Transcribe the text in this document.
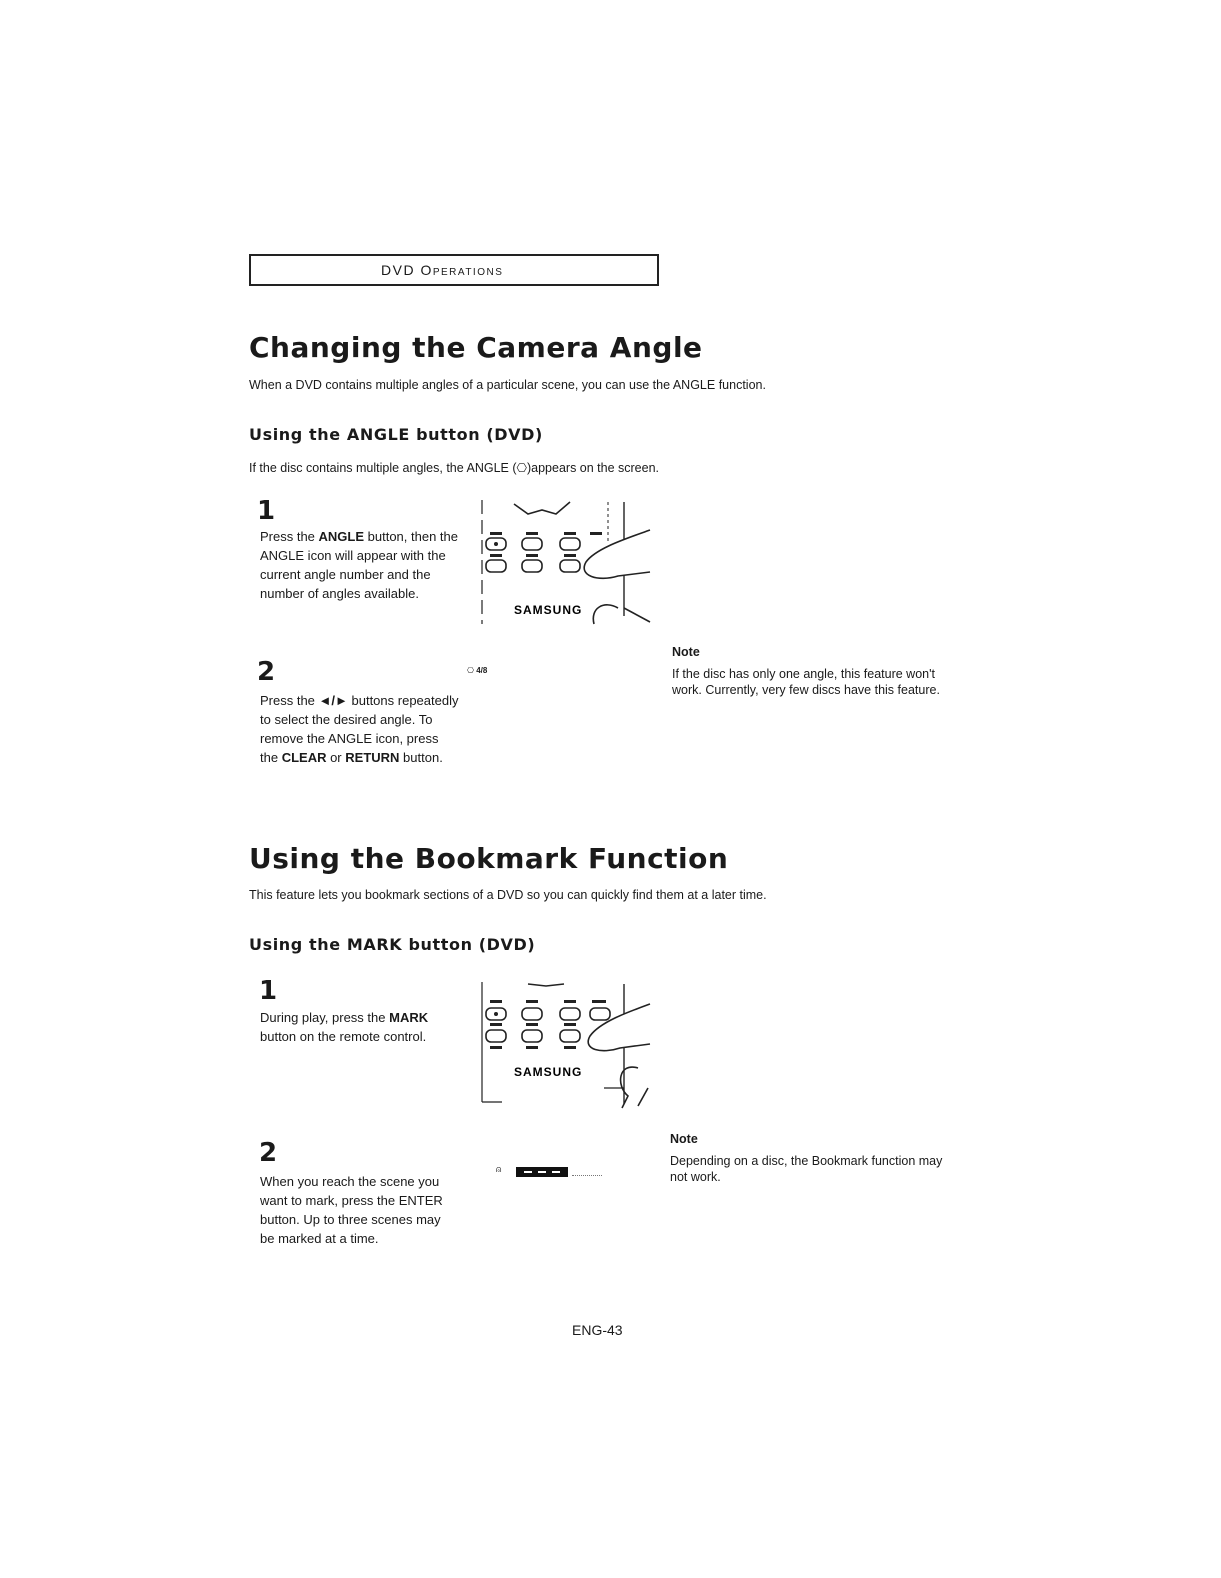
DVD Operations
Changing the Camera Angle
When a DVD contains multiple angles of a particular scene, you can use the ANGLE function.
Using the ANGLE button (DVD)
If the disc contains multiple angles, the ANGLE (⎔)appears on the screen.
1
Press the ANGLE button, then the ANGLE icon will appear with the current angle number and the number of angles available.
SAMSUNG
⎔ 4/8
2
Press the ◄/► buttons repeatedly to select the desired angle. To remove the ANGLE icon, press the CLEAR or RETURN button.
Note
If the disc has only one angle, this feature won't work. Currently, very few discs have this feature.
Using the Bookmark Function
This feature lets you bookmark sections of a DVD so you can quickly find them at a later time.
Using the MARK button (DVD)
1
During play, press the MARK button on the remote control.
SAMSUNG
⍝
2
When you reach the scene you want to mark, press the ENTER button. Up to three scenes may be marked at a time.
Note
Depending on a disc, the Bookmark function may not work.
ENG-43
